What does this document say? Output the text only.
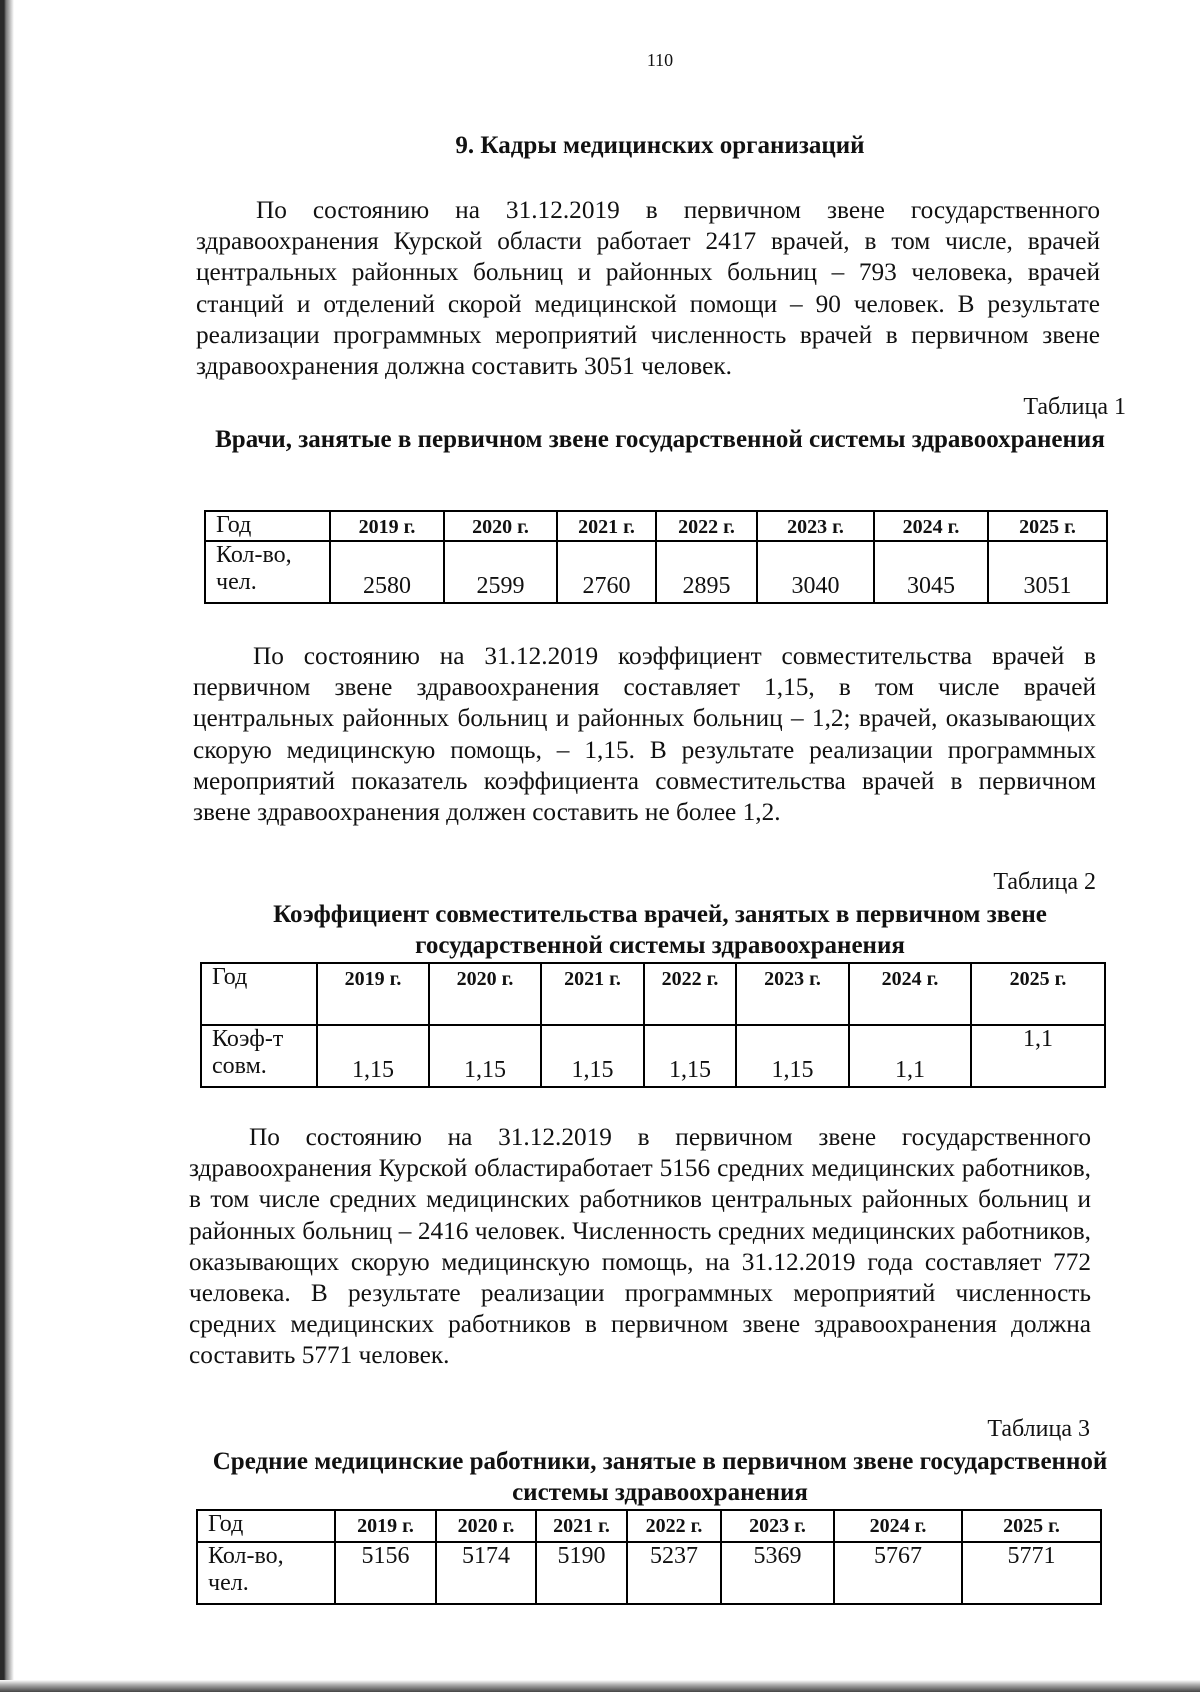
110
9. Кадры медицинских организаций

По состоянию на 31.12.2019 в первичном звене государственного здравоохранения Курской области работает 2417 врачей, в том числе, врачей центральных районных больниц и районных больниц – 793 человека, врачей станций и отделений скорой медицинской помощи – 90 человек. В результате реализации программных мероприятий численность врачей в первичном звене здравоохранения должна составить 3051 человек.

Таблица 1
Врачи, занятые в первичном звене государственной системы здравоохранения
Год	2019 г.	2020 г.	2021 г.	2022 г.	2023 г.	2024 г.	2025 г.
Кол-во,
чел.	2580	2599	2760	2895	3040	3045	3051

По состоянию на 31.12.2019 коэффициент совместительства врачей в первичном звене здравоохранения составляет 1,15, в том числе врачей центральных районных больниц и районных больниц – 1,2; врачей, оказывающих скорую медицинскую помощь, – 1,15. В результате реализации программных мероприятий показатель коэффициента совместительства врачей в первичном звене здравоохранения должен составить не более 1,2.

Таблица 2
Коэффициент совместительства врачей, занятых в первичном звене государственной системы здравоохранения
Год	2019 г.	2020 г.	2021 г.	2022 г.	2023 г.	2024 г.	2025 г.
Коэф-т
совм.	1,15	1,15	1,15	1,15	1,15	1,1	1,1

По состоянию на 31.12.2019 в первичном звене государственного здравоохранения Курской областиработает 5156 средних медицинских работников, в том числе средних медицинских работников центральных районных больниц и районных больниц – 2416 человек. Численность средних медицинских работников, оказывающих скорую медицинскую помощь, на 31.12.2019 года составляет 772 человека. В результате реализации программных мероприятий численность средних медицинских работников в первичном звене здравоохранения должна составить 5771 человек.

Таблица 3
Средние медицинские работники, занятые в первичном звене государственной системы здравоохранения
Год	2019 г.	2020 г.	2021 г.	2022 г.	2023 г.	2024 г.	2025 г.
Кол-во,
чел.	5156	5174	5190	5237	5369	5767	5771
